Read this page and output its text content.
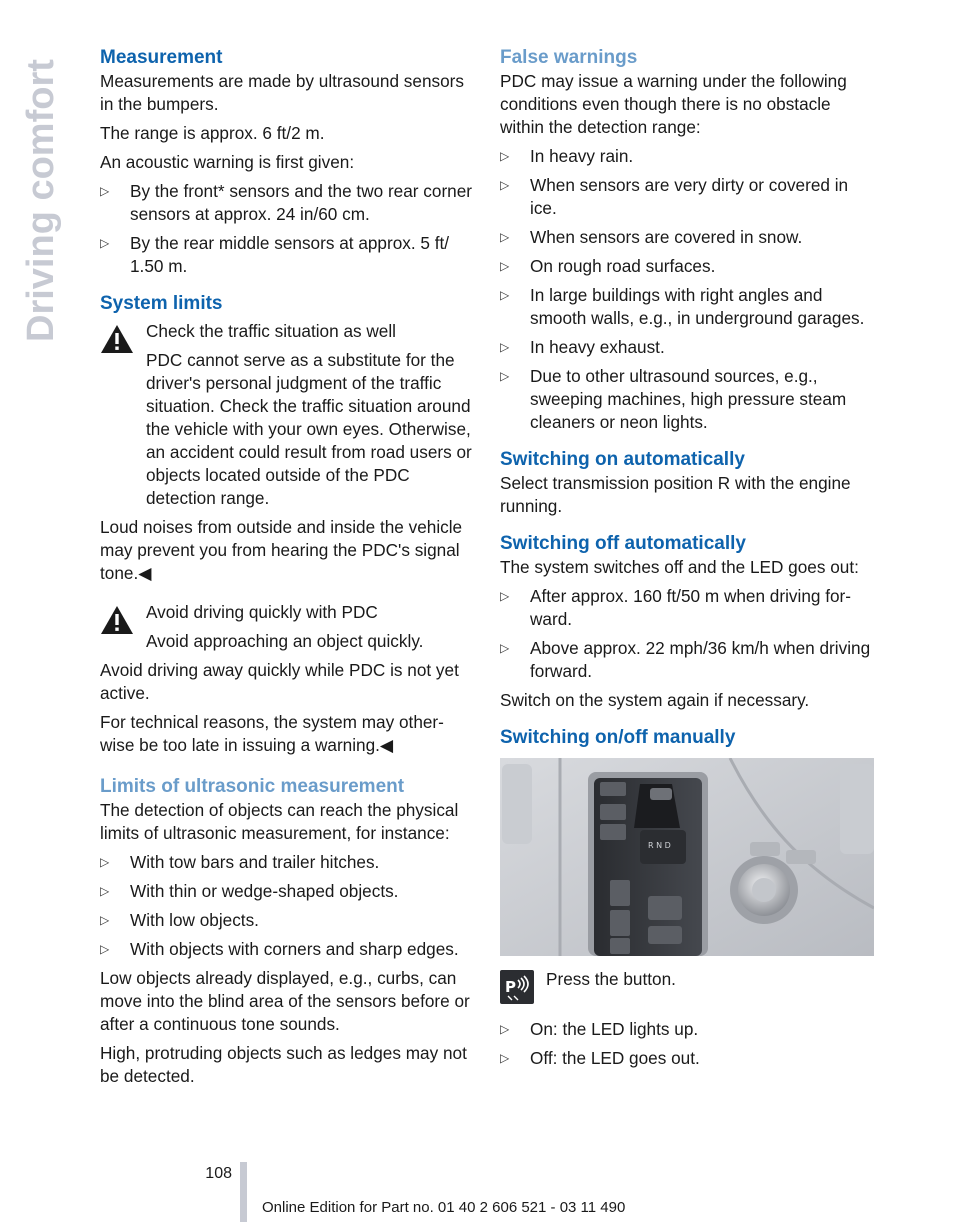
Driving comfort
Measurement

Measurements are made by ultrasound sensors in the bumpers.

The range is approx. 6 ft/2 m.

An acoustic warning is first given:

▷	By the front* sensors and the two rear corner sensors at approx. 24 in/60 cm.
▷	By the rear middle sensors at approx. 5 ft/ 1.50 m.
System limits
Check the traffic situation as well

PDC cannot serve as a substitute for the driver's personal judgment of the traffic situation. Check the traffic situation around the vehicle with your own eyes. Otherwise, an accident could result from road users or objects located outside of the PDC detection range.

Loud noises from outside and inside the vehicle may prevent you from hearing the PDC's signal tone.◀

Avoid driving quickly with PDC

Avoid approaching an object quickly.

Avoid driving away quickly while PDC is not yet active.

For technical reasons, the system may otherwise be too late in issuing a warning.◀

Limits of ultrasonic measurement

The detection of objects can reach the physical limits of ultrasonic measurement, for instance:

▷	With tow bars and trailer hitches.
▷	With thin or wedge-shaped objects.
▷	With low objects.
▷	With objects with corners and sharp edges.

Low objects already displayed, e.g., curbs, can move into the blind area of the sensors before or after a continuous tone sounds.

High, protruding objects such as ledges may not be detected.

False warnings

PDC may issue a warning under the following conditions even though there is no obstacle within the detection range:

▷	In heavy rain.
▷	When sensors are very dirty or covered in ice.
▷	When sensors are covered in snow.
▷	On rough road surfaces.
▷	In large buildings with right angles and smooth walls, e.g., in underground garages.
▷	In heavy exhaust.
▷	Due to other ultrasound sources, e.g., sweeping machines, high pressure steam cleaners or neon lights.
Switching on automatically

Select transmission position R with the engine running.

Switching off automatically

The system switches off and the LED goes out:

▷	After approx. 160 ft/50 m when driving forward.
▷	Above approx. 22 mph/36 km/h when driving forward.

Switch on the system again if necessary.

Switching on/off manually
R N D
P Press the button.
▷	On: the LED lights up.
▷	Off: the LED goes out.
108
Online Edition for Part no. 01 40 2 606 521 - 03 11 490
